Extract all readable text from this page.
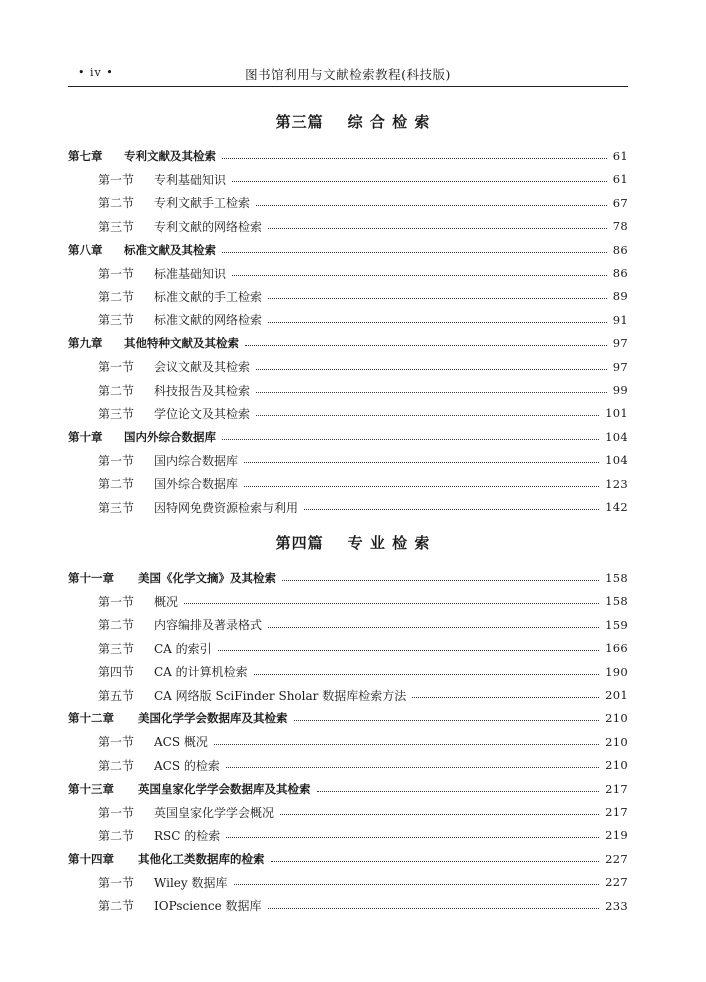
• iv •	图书馆利用与文献检索教程(科技版)
第三篇 综 合 检 索
第七章	专利文献及其检索	61
第一节	专利基础知识	61
第二节	专利文献手工检索	67
第三节	专利文献的网络检索	78
第八章	标准文献及其检索	86
第一节	标准基础知识	86
第二节	标准文献的手工检索	89
第三节	标准文献的网络检索	91
第九章	其他特种文献及其检索	97
第一节	会议文献及其检索	97
第二节	科技报告及其检索	99
第三节	学位论文及其检索	101
第十章	国内外综合数据库	104
第一节	国内综合数据库	104
第二节	国外综合数据库	123
第三节	因特网免费资源检索与利用	142
第四篇 专 业 检 索
第十一章	美国《化学文摘》及其检索	158
第一节	概况	158
第二节	内容编排及著录格式	159
第三节	CA 的索引	166
第四节	CA 的计算机检索	190
第五节	CA 网络版 SciFinder Sholar 数据库检索方法	201
第十二章	美国化学学会数据库及其检索	210
第一节	ACS 概况	210
第二节	ACS 的检索	210
第十三章	英国皇家化学学会数据库及其检索	217
第一节	英国皇家化学学会概况	217
第二节	RSC 的检索	219
第十四章	其他化工类数据库的检索	227
第一节	Wiley 数据库	227
第二节	IOPscience 数据库	233
